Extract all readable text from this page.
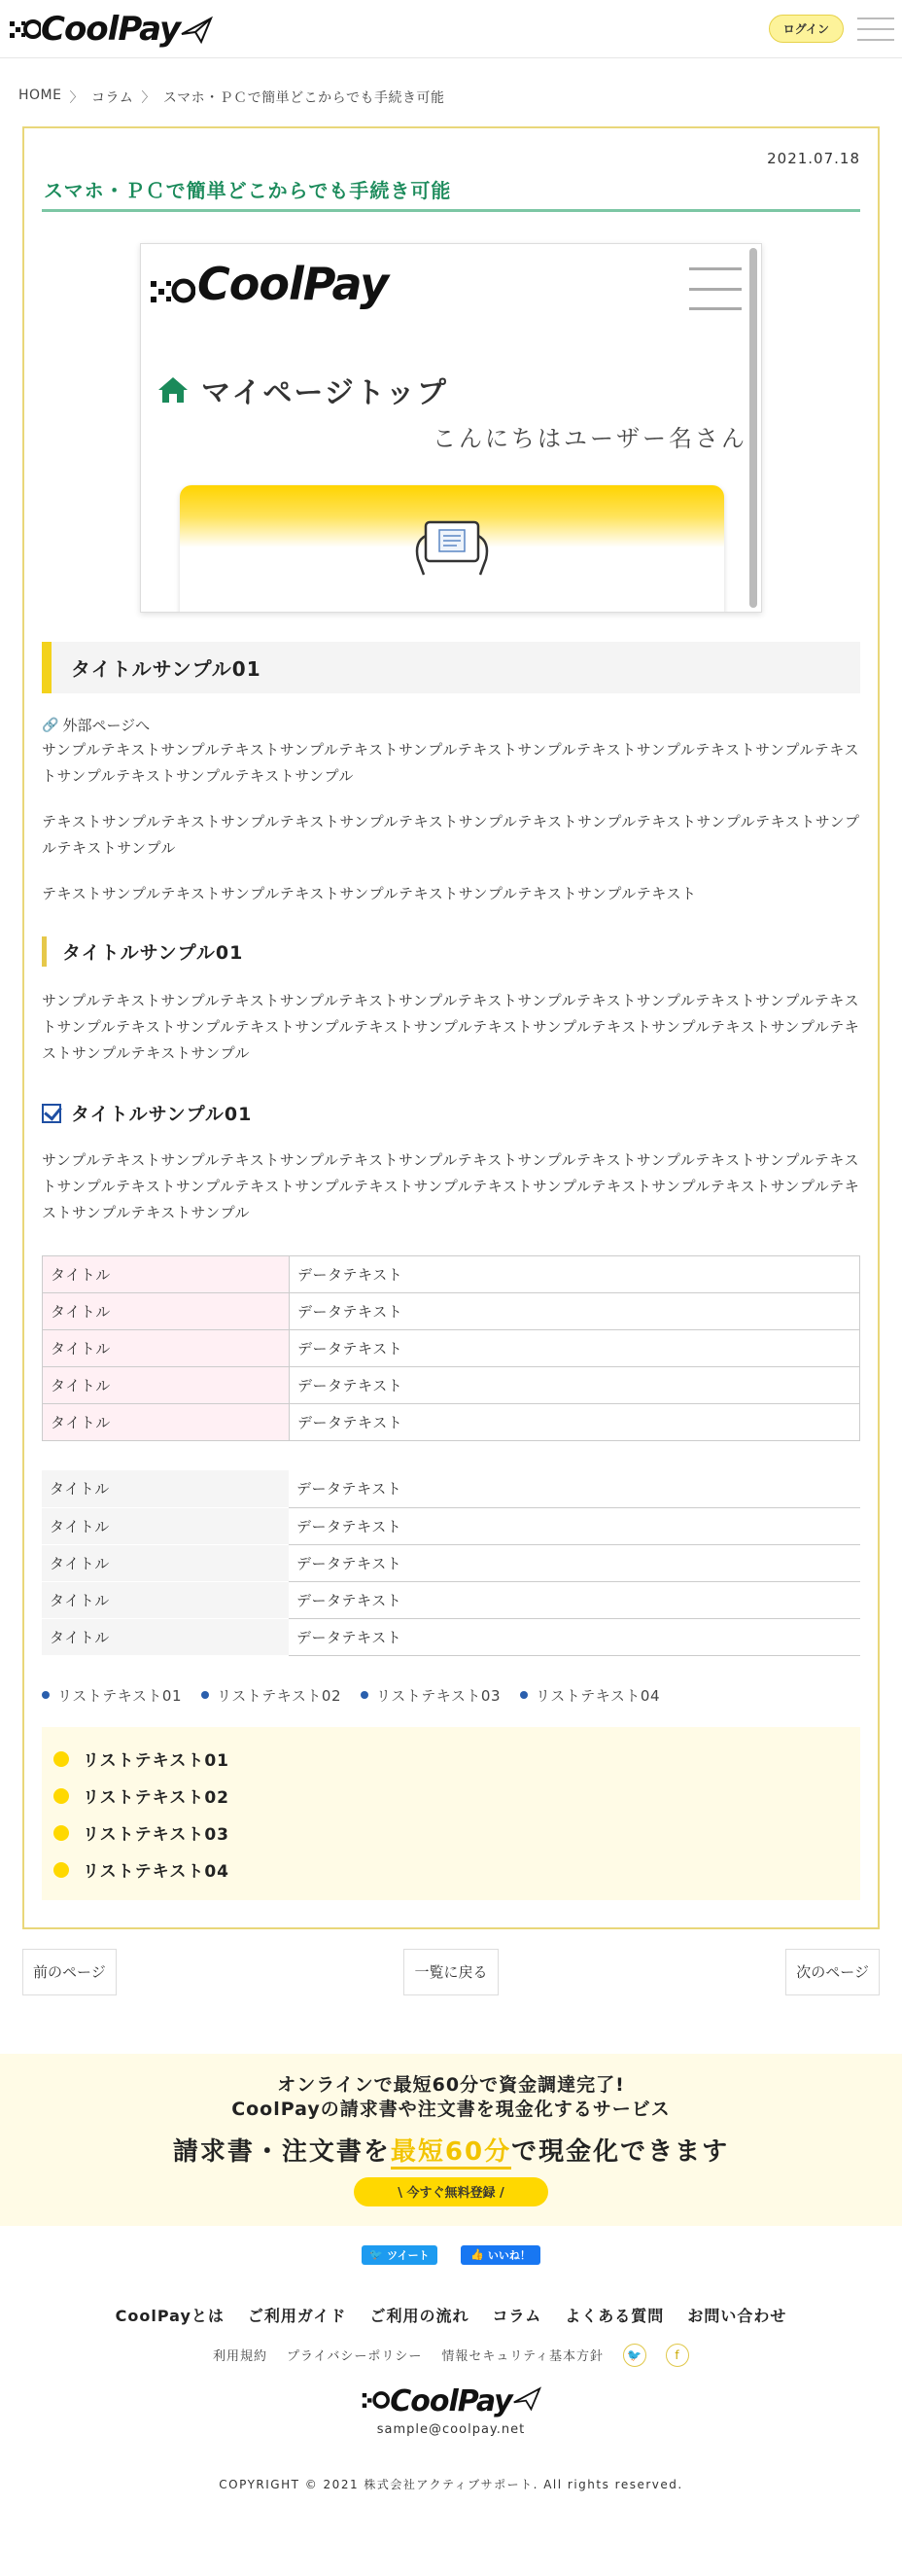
CoolPay	ログイン
HOME 〉 コラム 〉 スマホ・ＰＣで簡単どこからでも手続き可能
2021.07.18
スマホ・ＰＣで簡単どこからでも手続き可能
CoolPay
マイページトップ
こんにちはユーザー名さん
タイトルサンプル01
🔗 外部ページへ

サンプルテキストサンプルテキストサンプルテキストサンプルテキストサンプルテキストサンプルテキストサンプルテキストサンプルテキストサンプルテキストサンプル

テキストサンプルテキストサンプルテキストサンプルテキストサンプルテキストサンプルテキストサンプルテキストサンプルテキストサンプル

テキストサンプルテキストサンプルテキストサンプルテキストサンプルテキストサンプルテキスト

タイトルサンプル01

サンプルテキストサンプルテキストサンプルテキストサンプルテキストサンプルテキストサンプルテキストサンプルテキストサンプルテキストサンプルテキストサンプルテキストサンプルテキストサンプルテキストサンプルテキストサンプルテキストサンプルテキストサンプル

タイトルサンプル01

サンプルテキストサンプルテキストサンプルテキストサンプルテキストサンプルテキストサンプルテキストサンプルテキストサンプルテキストサンプルテキストサンプルテキストサンプルテキストサンプルテキストサンプルテキストサンプルテキストサンプルテキストサンプル

タイトル	データテキスト
タイトル	データテキスト
タイトル	データテキスト
タイトル	データテキスト
タイトル	データテキスト
タイトル	データテキスト
タイトル	データテキスト
タイトル	データテキスト
タイトル	データテキスト
タイトル	データテキスト
リストテキスト01 リストテキスト02 リストテキスト03 リストテキスト04
リストテキスト01
リストテキスト02
リストテキスト03
リストテキスト04
前のページ	一覧に戻る	次のページ
オンラインで最短60分で資金調達完了!
CoolPayの請求書や注文書を現金化するサービス
請求書・注文書を最短60分で現金化できます
\ 今すぐ無料登録 /
🐦 ツイート	👍 いいね！
CoolPayとは ご利用ガイド ご利用の流れ コラム よくある質問 お問い合わせ
利用規約 プライバシーポリシー 情報セキュリティ基本方針	🐦	f
CoolPay
sample@coolpay.net
COPYRIGHT © 2021 株式会社アクティブサポート. All rights reserved.
